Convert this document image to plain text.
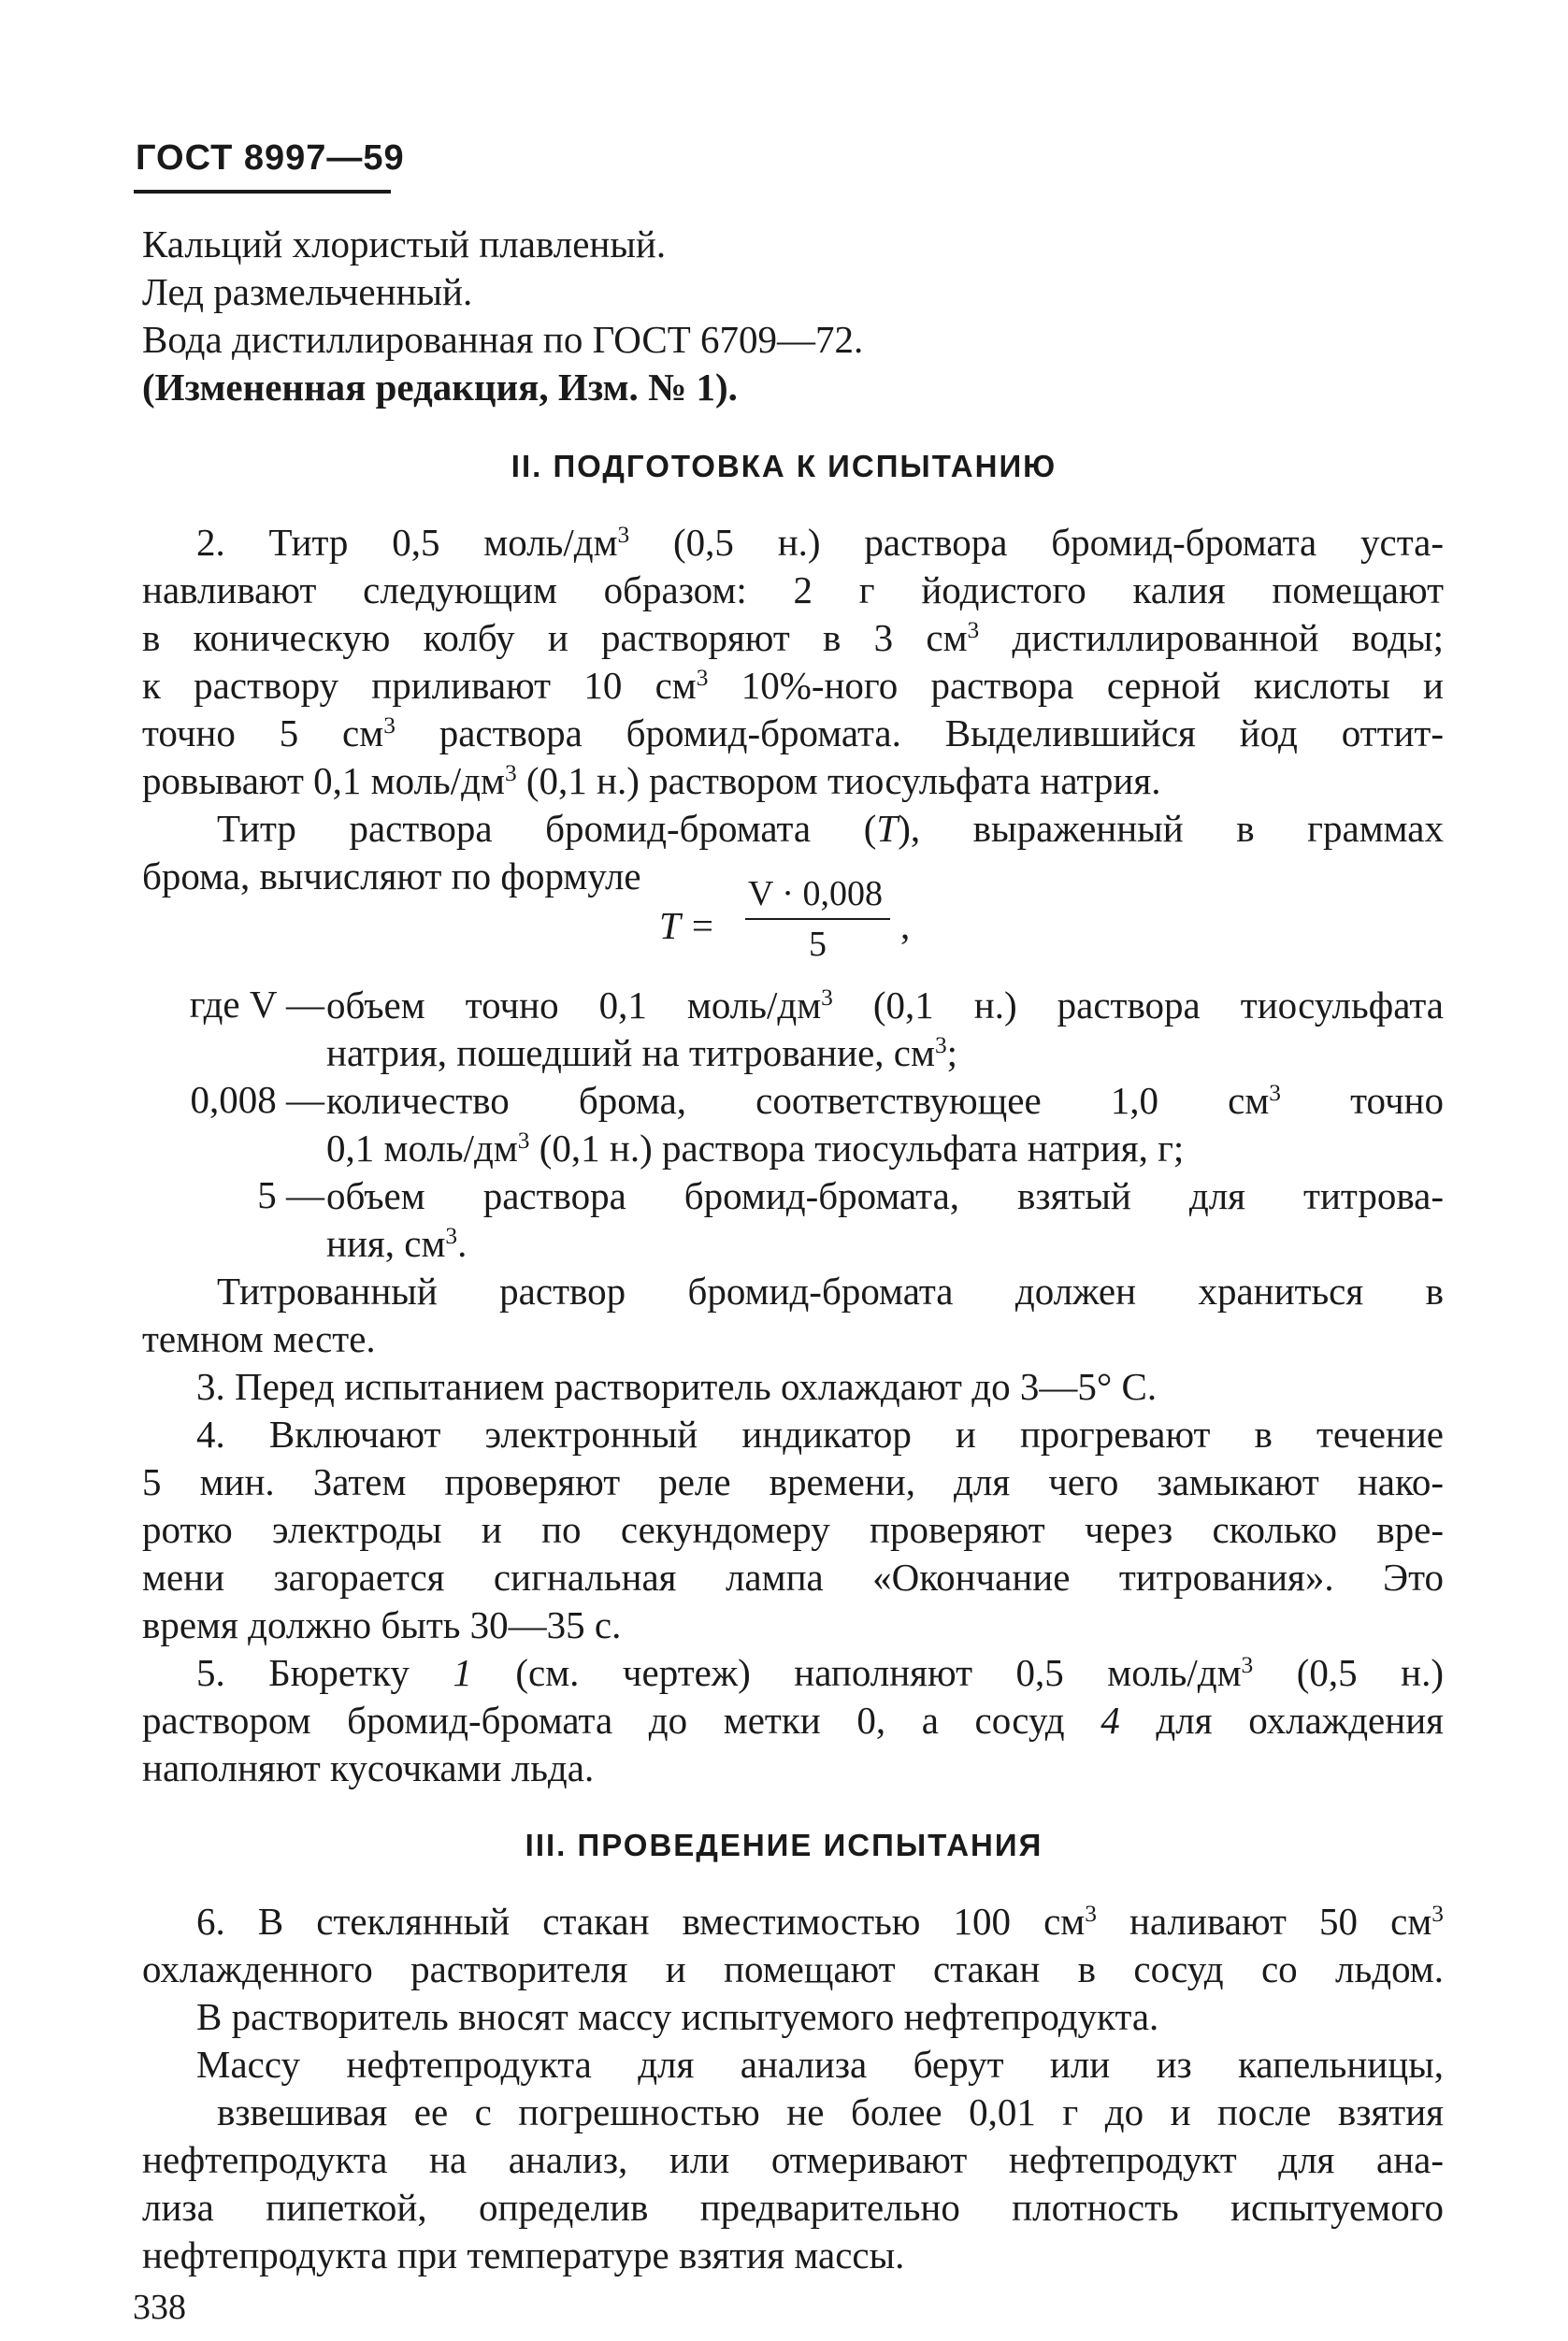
ГОСТ 8997—59
Кальций хлористый плавленый.
Лед размельченный.
Вода дистиллированная по ГОСТ 6709—72.
(Измененная редакция, Изм. № 1).
II. ПОДГОТОВКА К ИСПЫТАНИЮ
2. Титр 0,5 моль/$дм^3$ (0,5 н.) раствора бромид-бромата уста-
навливают следующим образом: 2 г йодистого калия помещают
в коническую колбу и растворяют в 3 $см^3$ дистиллированной воды;
к раствору приливают 10 $см^3$ 10%-ного раствора серной кислоты и
точно 5 $см^3$ раствора бромид-бромата. Выделившийся йод оттит-
ровывают 0,1 моль/$дм^3$ (0,1 н.) раствором тиосульфата натрия.
Титр раствора бромид-бромата (T), выраженный в граммах
брома, вычисляют по формуле
T =
V · 0,008
5	,
где V — объем точно 0,1 моль/$дм^3$ (0,1 н.) раствора тиосульфата
натрия, пошедший на титрование, $см^3$;
0,008 — количество брома, соответствующее 1,0 $см^3$ точно
0,1 моль/$дм^3$ (0,1 н.) раствора тиосульфата натрия, г;
5 — объем раствора бромид-бромата, взятый для титрова-
ния, $см^3$.
Титрованный раствор бромид-бромата должен храниться в
темном месте.
3. Перед испытанием растворитель охлаждают до 3—5° С.
4. Включают электронный индикатор и прогревают в течение
5 мин. Затем проверяют реле времени, для чего замыкают нако-
ротко электроды и по секундомеру проверяют через сколько вре-
мени загорается сигнальная лампа «Окончание титрования». Это
время должно быть 30—35 с.
5. Бюретку 1 (см. чертеж) наполняют 0,5 моль/$дм^3$ (0,5 н.)
раствором бромид-бромата до метки 0, а сосуд 4 для охлаждения
наполняют кусочками льда.
III. ПРОВЕДЕНИЕ ИСПЫТАНИЯ
6. В стеклянный стакан вместимостью 100 $см^3$ наливают 50 $см^3$
охлажденного растворителя и помещают стакан в сосуд со льдом.
В растворитель вносят массу испытуемого нефтепродукта.
Массу нефтепродукта для анализа берут или из капельницы,
взвешивая ее с погрешностью не более 0,01 г до и после взятия
нефтепродукта на анализ, или отмеривают нефтепродукт для ана-
лиза пипеткой, определив предварительно плотность испытуемого
нефтепродукта при температуре взятия массы.
338
